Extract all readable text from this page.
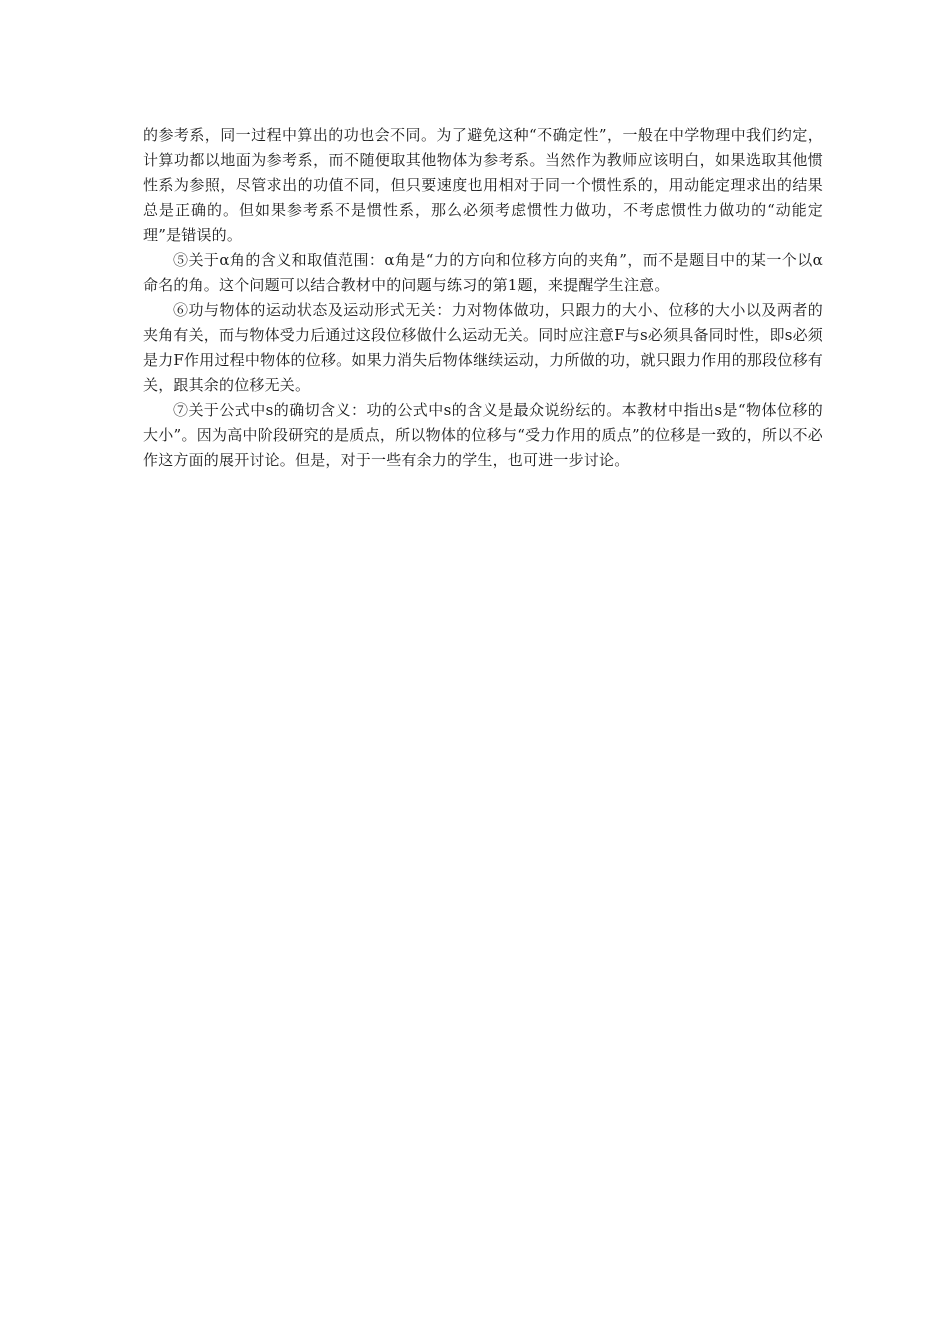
的参考系，同一过程中算出的功也会不同。为了避免这种“不确定性”，一般在中学物理中我们约定，计算功都以地面为参考系，而不随便取其他物体为参考系。当然作为教师应该明白，如果选取其他惯性系为参照，尽管求出的功值不同，但只要速度也用相对于同一个惯性系的，用动能定理求出的结果总是正确的。但如果参考系不是惯性系，那么必须考虑惯性力做功，不考虑惯性力做功的“动能定理”是错误的。

⑤关于α角的含义和取值范围：α角是“力的方向和位移方向的夹角”，而不是题目中的某一个以α命名的角。这个问题可以结合教材中的问题与练习的第1题，来提醒学生注意。

⑥功与物体的运动状态及运动形式无关：力对物体做功，只跟力的大小、位移的大小以及两者的夹角有关，而与物体受力后通过这段位移做什么运动无关。同时应注意F与s必须具备同时性，即s必须是力F作用过程中物体的位移。如果力消失后物体继续运动，力所做的功，就只跟力作用的那段位移有关，跟其余的位移无关。

⑦关于公式中s的确切含义：功的公式中s的含义是最众说纷纭的。本教材中指出s是“物体位移的大小”。因为高中阶段研究的是质点，所以物体的位移与“受力作用的质点”的位移是一致的，所以不必作这方面的展开讨论。但是，对于一些有余力的学生，也可进一步讨论。
